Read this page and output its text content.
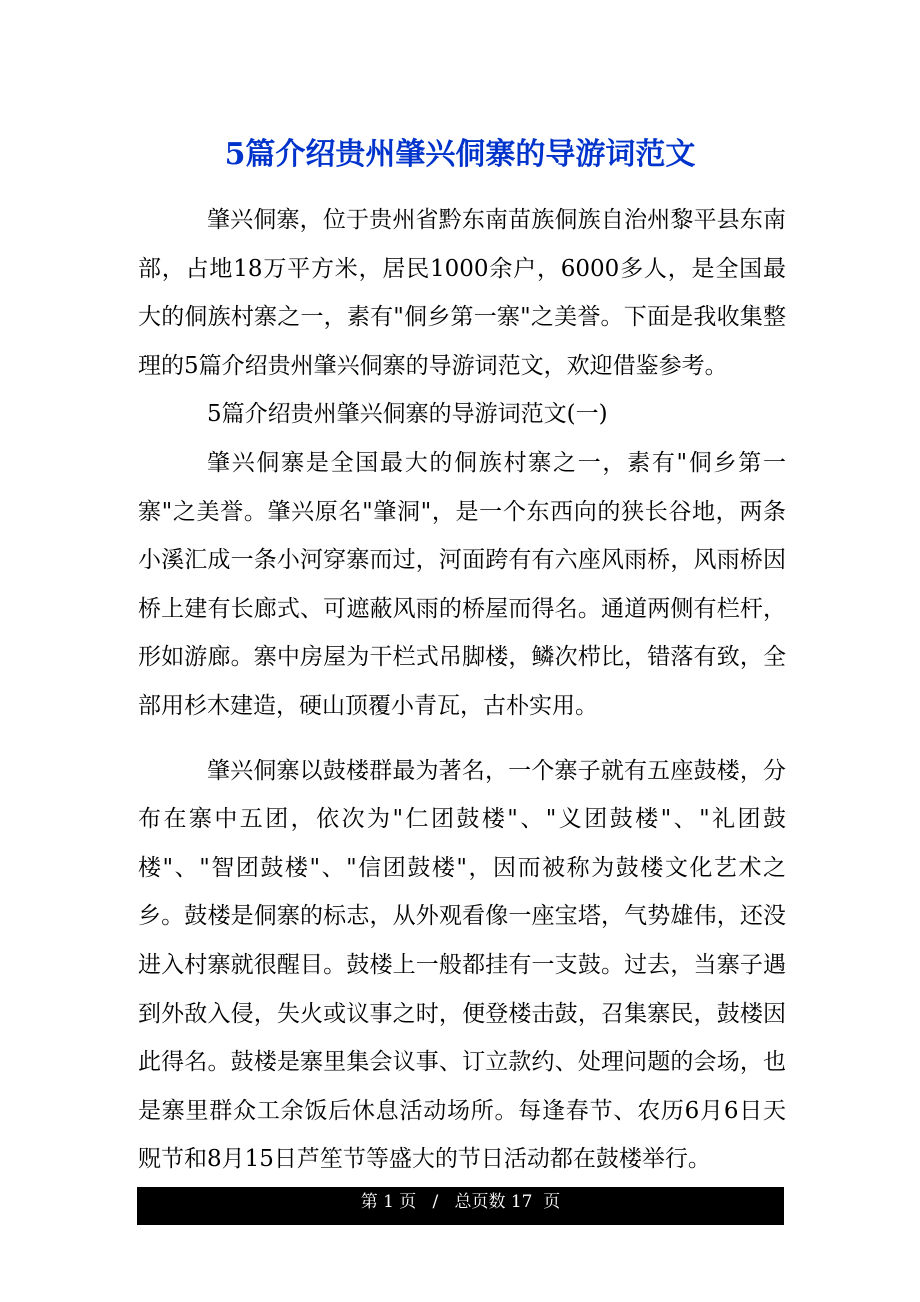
5篇介绍贵州肇兴侗寨的导游词范文

肇兴侗寨，位于贵州省黔东南苗族侗族自治州黎平县东南部，占地18万平方米，居民1000余户，6000多人，是全国最大的侗族村寨之一，素有"侗乡第一寨"之美誉。下面是我收集整理的5篇介绍贵州肇兴侗寨的导游词范文，欢迎借鉴参考。

5篇介绍贵州肇兴侗寨的导游词范文(一)

肇兴侗寨是全国最大的侗族村寨之一，素有"侗乡第一寨"之美誉。肇兴原名"肇洞"，是一个东西向的狭长谷地，两条小溪汇成一条小河穿寨而过，河面跨有有六座风雨桥，风雨桥因桥上建有长廊式、可遮蔽风雨的桥屋而得名。通道两侧有栏杆，形如游廊。寨中房屋为干栏式吊脚楼，鳞次栉比，错落有致，全部用杉木建造，硬山顶覆小青瓦，古朴实用。

肇兴侗寨以鼓楼群最为著名，一个寨子就有五座鼓楼，分布在寨中五团，依次为"仁团鼓楼"、"义团鼓楼"、"礼团鼓楼"、"智团鼓楼"、"信团鼓楼"，因而被称为鼓楼文化艺术之乡。鼓楼是侗寨的标志，从外观看像一座宝塔，气势雄伟，还没进入村寨就很醒目。鼓楼上一般都挂有一支鼓。过去，当寨子遇到外敌入侵，失火或议事之时，便登楼击鼓，召集寨民，鼓楼因此得名。鼓楼是寨里集会议事、订立款约、处理问题的会场，也是寨里群众工余饭后休息活动场所。每逢春节、农历6月6日天贶节和8月15日芦笙节等盛大的节日活动都在鼓楼举行。

第 1 页   /   总页数 17  页
